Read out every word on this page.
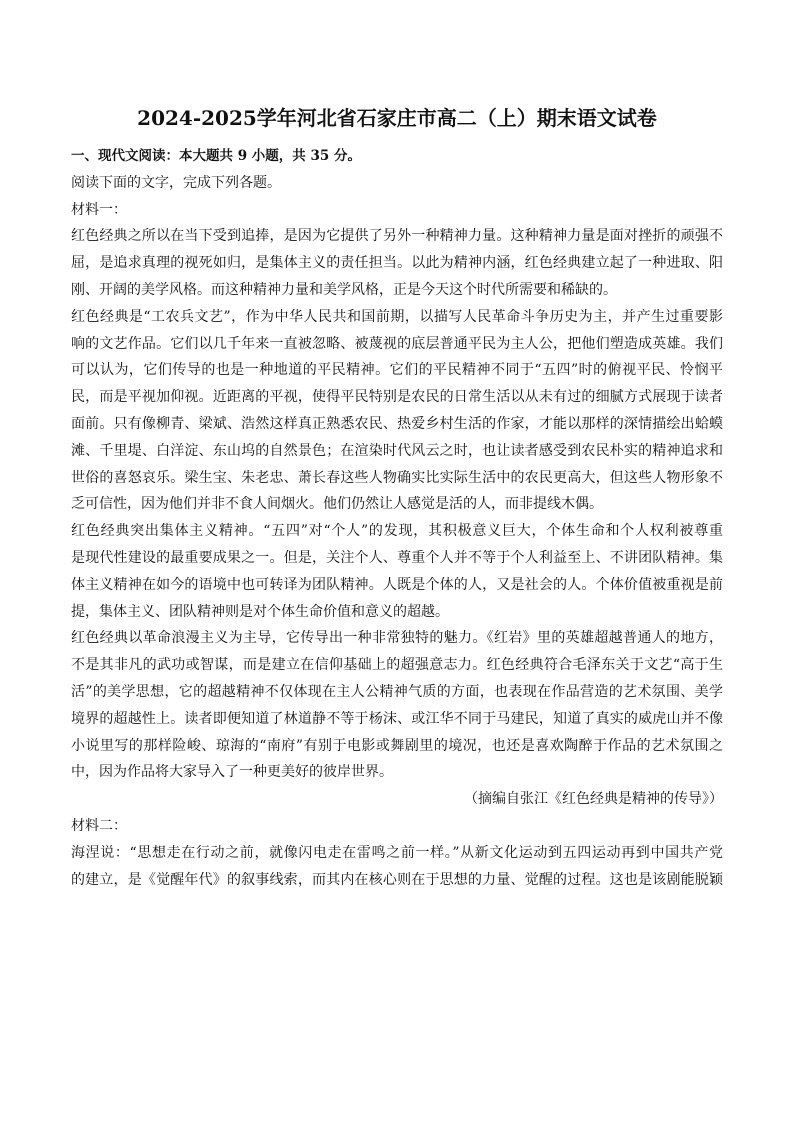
2024-2025学年河北省石家庄市高二（上）期末语文试卷
一、现代文阅读：本大题共 9 小题，共 35 分。
阅读下面的文字，完成下列各题。
材料一：
红色经典之所以在当下受到追捧，是因为它提供了另外一种精神力量。这种精神力量是面对挫折的顽强不
屈，是追求真理的视死如归，是集体主义的责任担当。以此为精神内涵，红色经典建立起了一种进取、阳
刚、开阔的美学风格。而这种精神力量和美学风格，正是今天这个时代所需要和稀缺的。
红色经典是“工农兵文艺”，作为中华人民共和国前期，以描写人民革命斗争历史为主，并产生过重要影
响的文艺作品。它们以几千年来一直被忽略、被蔑视的底层普通平民为主人公，把他们塑造成英雄。我们
可以认为，它们传导的也是一种地道的平民精神。它们的平民精神不同于“五四”时的俯视平民、怜悯平
民，而是平视加仰视。近距离的平视，使得平民特别是农民的日常生活以从未有过的细腻方式展现于读者
面前。只有像柳青、梁斌、浩然这样真正熟悉农民、热爱乡村生活的作家，才能以那样的深情描绘出蛤蟆
滩、千里堤、白洋淀、东山坞的自然景色；在渲染时代风云之时，也让读者感受到农民朴实的精神追求和
世俗的喜怒哀乐。梁生宝、朱老忠、萧长春这些人物确实比实际生活中的农民更高大，但这些人物形象不
乏可信性，因为他们并非不食人间烟火。他们仍然让人感觉是活的人，而非提线木偶。
红色经典突出集体主义精神。“五四”对“个人”的发现，其积极意义巨大，个体生命和个人权利被尊重
是现代性建设的最重要成果之一。但是，关注个人、尊重个人并不等于个人利益至上、不讲团队精神。集
体主义精神在如今的语境中也可转译为团队精神。人既是个体的人，又是社会的人。个体价值被重视是前
提，集体主义、团队精神则是对个体生命价值和意义的超越。
红色经典以革命浪漫主义为主导，它传导出一种非常独特的魅力。《红岩》里的英雄超越普通人的地方，
不是其非凡的武功或智谋，而是建立在信仰基础上的超强意志力。红色经典符合毛泽东关于文艺“高于生
活”的美学思想，它的超越精神不仅体现在主人公精神气质的方面，也表现在作品营造的艺术氛围、美学
境界的超越性上。读者即便知道了林道静不等于杨沫、或江华不同于马建民，知道了真实的威虎山并不像
小说里写的那样险峻、琼海的“南府”有别于电影或舞剧里的境况，也还是喜欢陶醉于作品的艺术氛围之
中，因为作品将大家导入了一种更美好的彼岸世界。
（摘编自张江《红色经典是精神的传导》）
材料二：
海涅说：“思想走在行动之前，就像闪电走在雷鸣之前一样。”从新文化运动到五四运动再到中国共产党
的建立，是《觉醒年代》的叙事线索，而其内在核心则在于思想的力量、觉醒的过程。这也是该剧能脱颖
